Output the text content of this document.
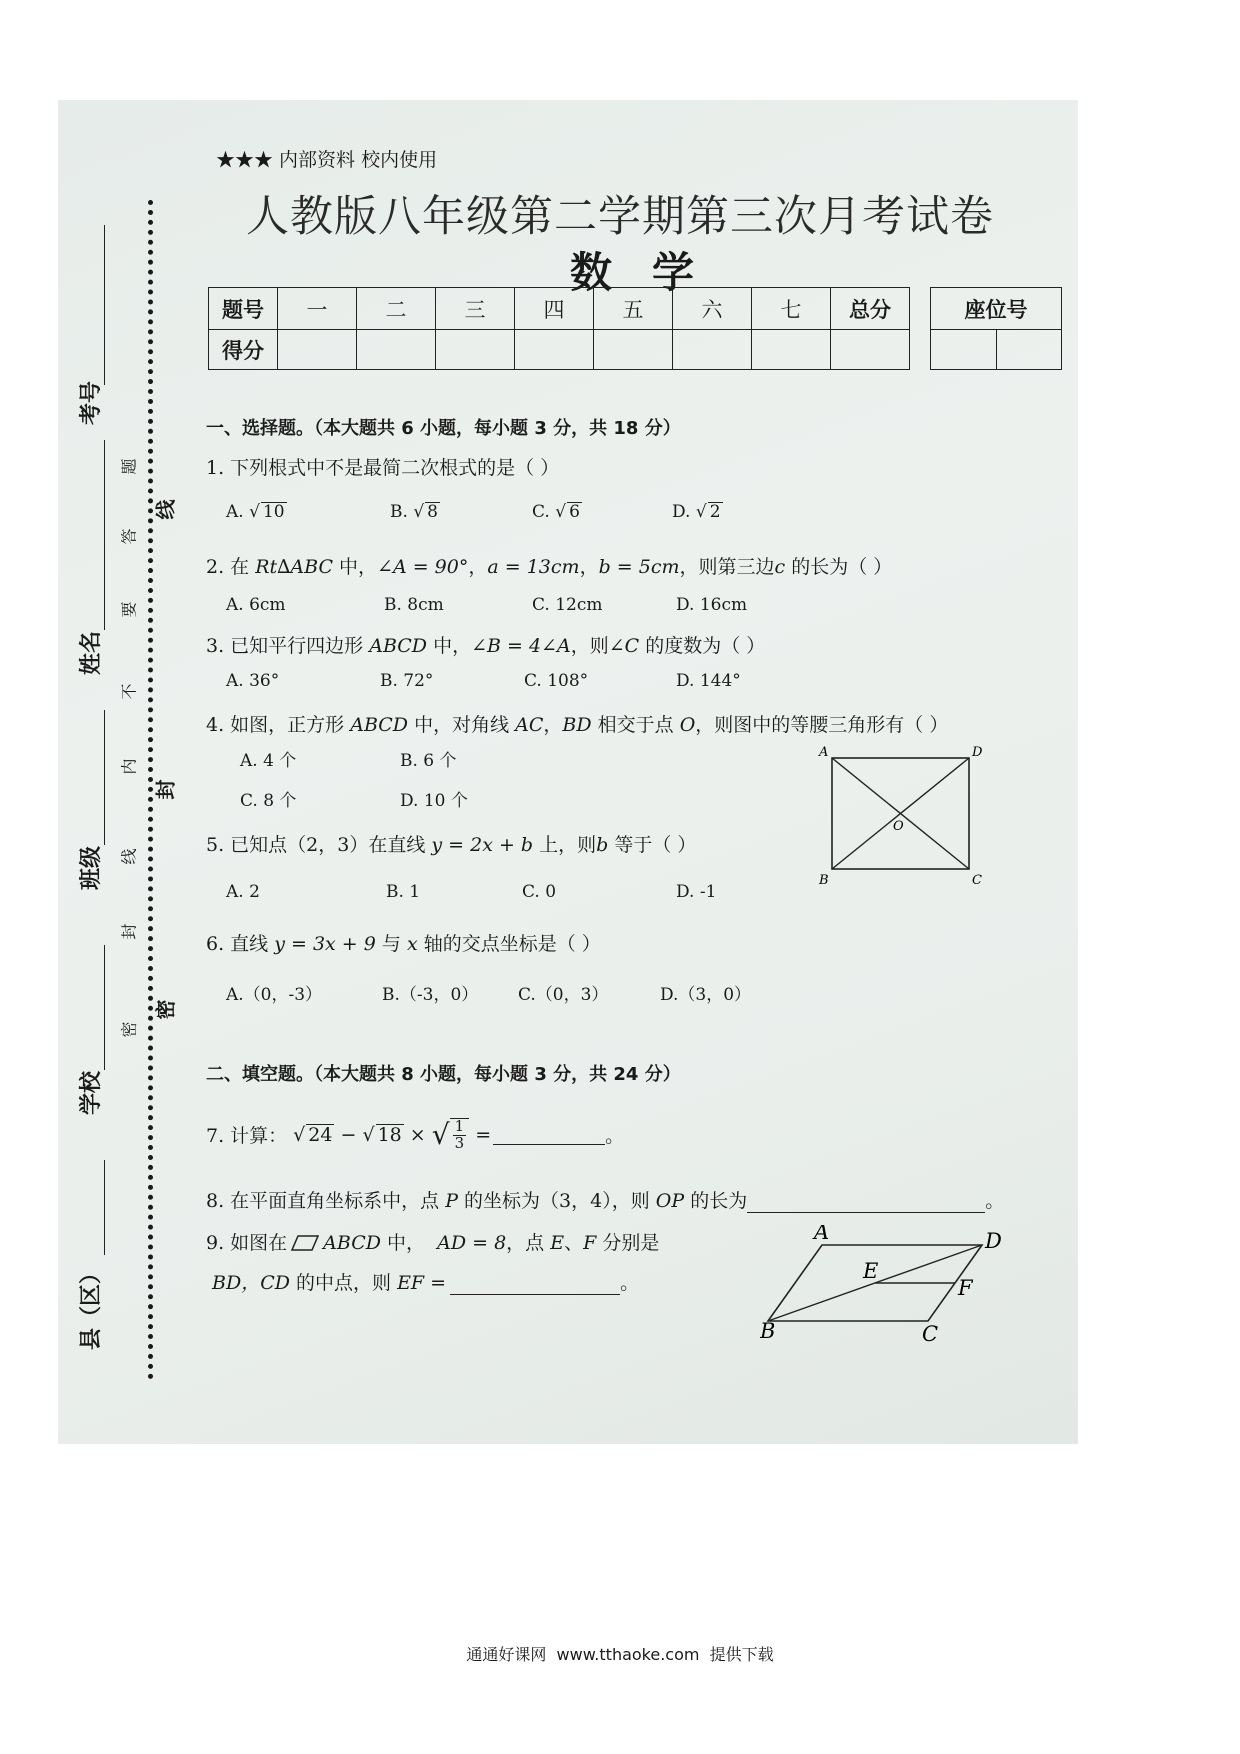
考号
姓名
班级
学校
县（区）
线
封
密
题
答
要
不
内
线
封
密
★★★ 内部资料 校内使用
人教版八年级第二学期第三次月考试卷
数学
题号	一	二	三	四	五	六	七	总分
得分								
座位号

一、选择题。（本大题共 6 小题，每小题 3 分，共 18 分）
1. 下列根式中不是最简二次根式的是（ ）
A. √ 10	B. √ 8	C. √ 6	D. √ 2
2. 在 Rt∆ABC 中，∠A = 90°，a = 13cm，b = 5cm，则第三边c 的长为（ ）
A. 6cm	B. 8cm	C. 12cm	D. 16cm
3. 已知平行四边形 ABCD 中，∠B = 4∠A，则∠C 的度数为（ ）
A. 36°	B. 72°	C. 108°	D. 144°
4. 如图，正方形 ABCD 中，对角线 AC，BD 相交于点 O，则图中的等腰三角形有（ ）
A. 4 个	B. 6 个
C. 8 个	D. 10 个
A	D
B	C
O
5. 已知点（2，3）在直线 y = 2x + b 上，则b 等于（ ）
A. 2	B. 1	C. 0	D. -1
6. 直线 y = 3x + 9 与 x 轴的交点坐标是（ ）
A.（0，-3）	B.（-3，0） C.（0，3）	D.（3，0）
二、填空题。（本大题共 8 小题，每小题 3 分，共 24 分）
7. 计算： √ 24 − √ 18 × √ $\frac{1}{3}$ =	。
8. 在平面直角坐标系中，点 P 的坐标为（3，4），则 OP 的长为	。
9. 如图在 ABCD 中，  AD = 8，点 E、F 分别是
BD，CD 的中点，则 EF =	。
A	D
E
F
B	C
通通好课网  www.tthaoke.com  提供下载
